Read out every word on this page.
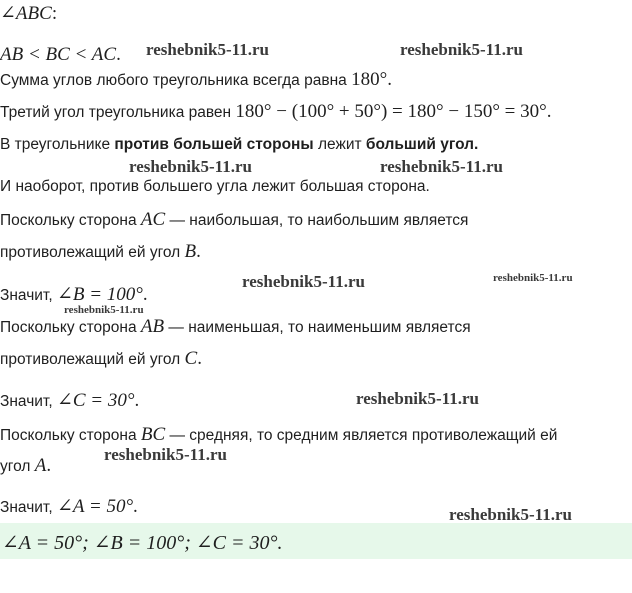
∠ABC:
AB < BC < AC.
Сумма углов любого треугольника всегда равна 180°.
Третий угол треугольника равен 180° − (100° + 50°) = 180° − 150° = 30°.
В треугольнике против большей стороны лежит больший угол.
И наоборот, против большего угла лежит большая сторона.
Поскольку сторона AC — наибольшая, то наибольшим является
противолежащий ей угол B.
Значит, ∠B = 100°.
Поскольку сторона AB — наименьшая, то наименьшим является
противолежащий ей угол C.
Значит, ∠C = 30°.
Поскольку сторона BC — средняя, то средним является противолежащий ей
угол A.
Значит, ∠A = 50°.
∠A = 50°; ∠B = 100°; ∠C = 30°.
reshebnik5-11.ru	reshebnik5-11.ru
reshebnik5-11.ru	reshebnik5-11.ru
reshebnik5-11.ru	reshebnik5-11.ru
reshebnik5-11.ru
reshebnik5-11.ru
reshebnik5-11.ru
reshebnik5-11.ru
